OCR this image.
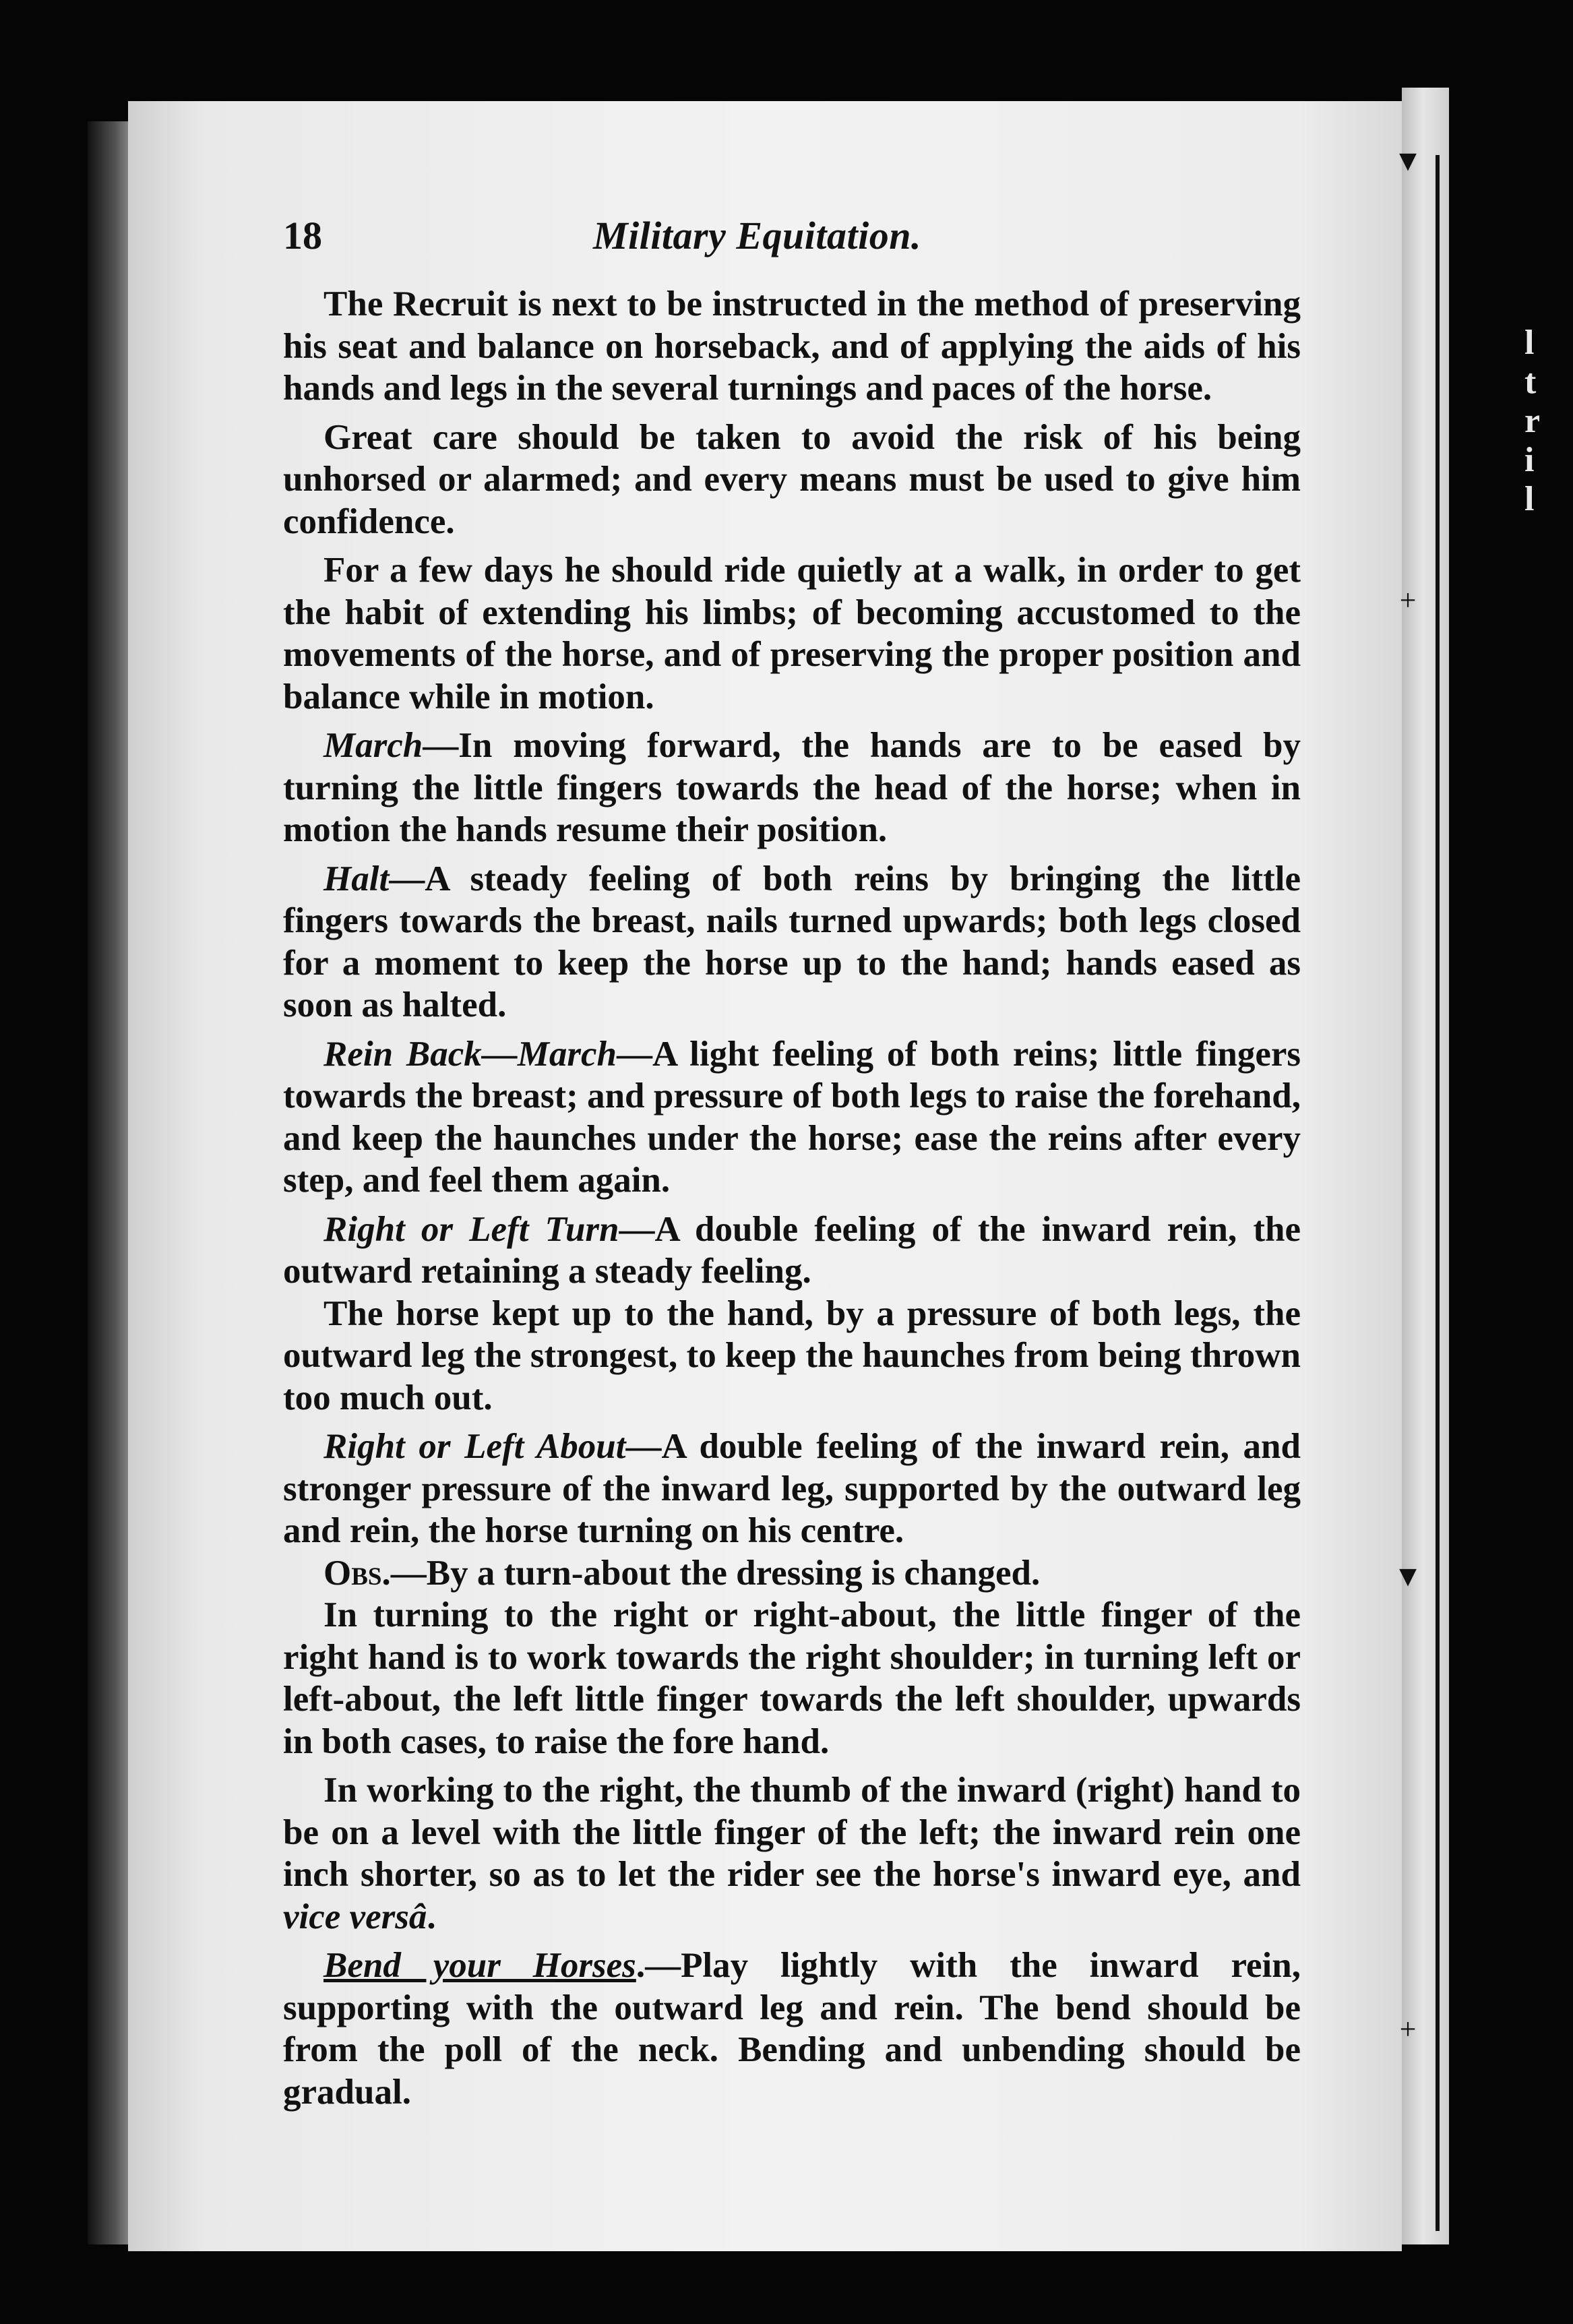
▼
+
▼
+
l
t
r
i
l
18	Military Equitation.

The Recruit is next to be instructed in the method of preserving his seat and balance on horseback, and of applying the aids of his hands and legs in the several turnings and paces of the horse.

Great care should be taken to avoid the risk of his being unhorsed or alarmed; and every means must be used to give him confidence.

For a few days he should ride quietly at a walk, in order to get the habit of extending his limbs; of becoming accustomed to the movements of the horse, and of preserving the proper position and balance while in motion.

March—In moving forward, the hands are to be eased by turning the little fingers towards the head of the horse; when in motion the hands resume their position.

Halt—A steady feeling of both reins by bringing the little fingers towards the breast, nails turned upwards; both legs closed for a moment to keep the horse up to the hand; hands eased as soon as halted.

Rein Back—March—A light feeling of both reins; little fingers towards the breast; and pressure of both legs to raise the forehand, and keep the haunches under the horse; ease the reins after every step, and feel them again.

Right or Left Turn—A double feeling of the inward rein, the outward retaining a steady feeling.

The horse kept up to the hand, by a pressure of both legs, the outward leg the strongest, to keep the haunches from being thrown too much out.

Right or Left About—A double feeling of the inward rein, and stronger pressure of the inward leg, supported by the outward leg and rein, the horse turning on his centre.

Obs.—By a turn-about the dressing is changed.

In turning to the right or right-about, the little finger of the right hand is to work towards the right shoulder; in turning left or left-about, the left little finger towards the left shoulder, upwards in both cases, to raise the fore hand.

In working to the right, the thumb of the inward (right) hand to be on a level with the little finger of the left; the inward rein one inch shorter, so as to let the rider see the horse's inward eye, and vice versâ.

Bend your Horses.—Play lightly with the inward rein, supporting with the outward leg and rein. The bend should be from the poll of the neck. Bending and unbending should be gradual.
